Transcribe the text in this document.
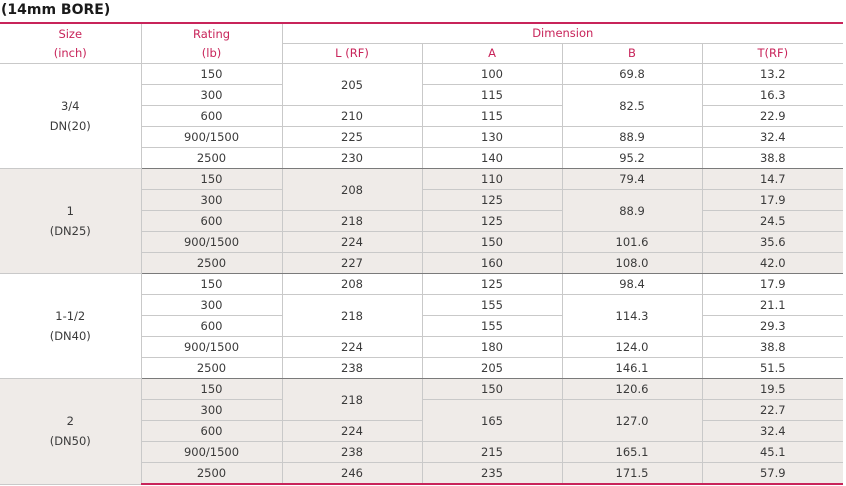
(14mm BORE)
Size
(inch)	Rating
(lb)	Dimension			
		L (RF)	A	B	T(RF)

3/4
DN(20)	150	205	100	69.8	13.2
	300		115	82.5	16.3
	600	210	115		22.9
	900/1500	225	130	88.9	32.4
	2500	230	140	95.2	38.8

1
(DN25)	150	208	110	79.4	14.7
	300		125	88.9	17.9
	600	218	125		24.5
	900/1500	224	150	101.6	35.6
	2500	227	160	108.0	42.0

1-1/2
(DN40)	150	208	125	98.4	17.9
	300	218	155	114.3	21.1
	600		155		29.3
	900/1500	224	180	124.0	38.8
	2500	238	205	146.1	51.5

2
(DN50)	150	218	150	120.6	19.5
	300		165	127.0	22.7
	600	224			32.4
	900/1500	238	215	165.1	45.1
	2500	246	235	171.5	57.9
